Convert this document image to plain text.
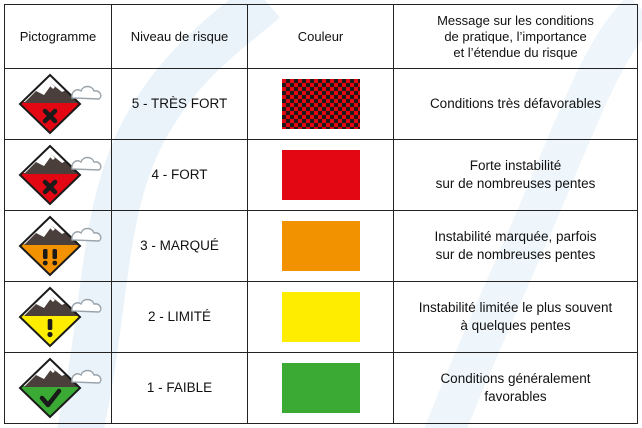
Pictogramme	Niveau de risque	Couleur	Message sur les conditions
de pratique, l’importance
et l’étendue du risque

	5 - TRÈS FORT		Conditions très défavorables

	4 - FORT		Forte instabilité
sur de nombreuses pentes

	3 - MARQUÉ		Instabilité marquée, parfois
sur de nombreuses pentes

	2 - LIMITÉ		Instabilité limitée le plus souvent
à quelques pentes

	1 - FAIBLE		Conditions généralement
favorables
